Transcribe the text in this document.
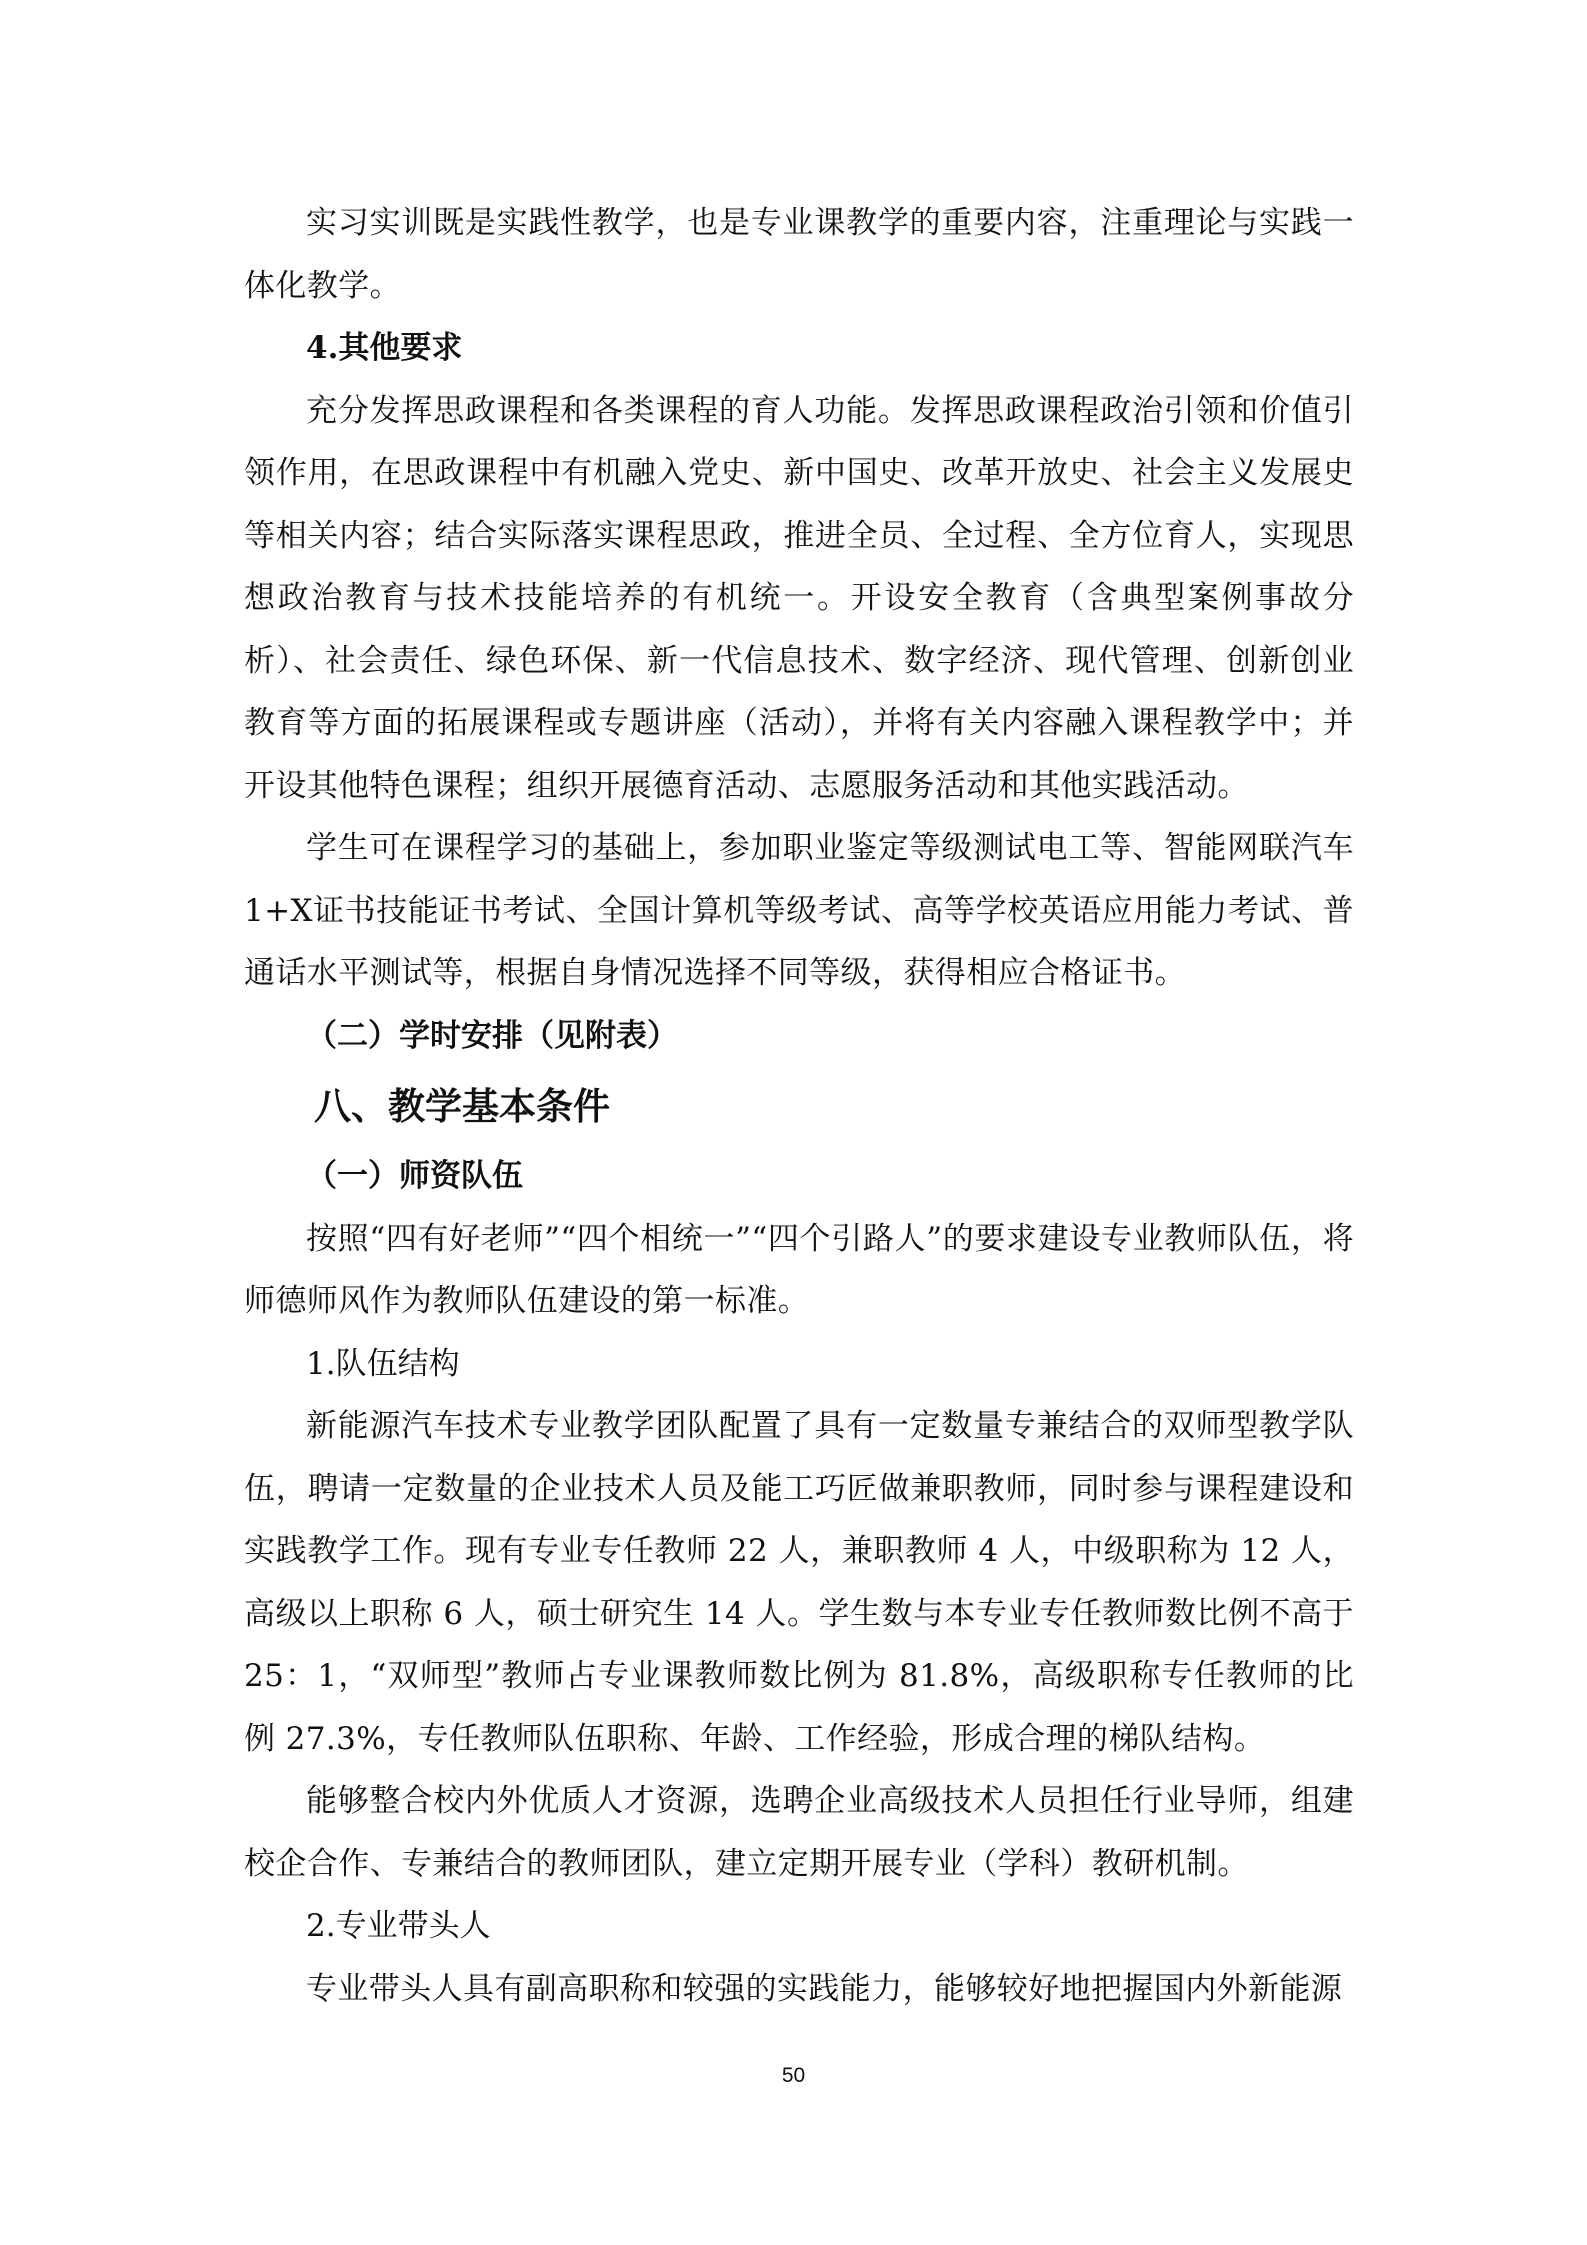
实习实训既是实践性教学，也是专业课教学的重要内容，注重理论与实践一体化教学。

4.其他要求

充分发挥思政课程和各类课程的育人功能。发挥思政课程政治引领和价值引领作用，在思政课程中有机融入党史、新中国史、改革开放史、社会主义发展史等相关内容；结合实际落实课程思政，推进全员、全过程、全方位育人，实现思想政治教育与技术技能培养的有机统一。开设安全教育（含典型案例事故分析）、社会责任、绿色环保、新一代信息技术、数字经济、现代管理、创新创业教育等方面的拓展课程或专题讲座（活动），并将有关内容融入课程教学中；并开设其他特色课程；组织开展德育活动、志愿服务活动和其他实践活动。

学生可在课程学习的基础上，参加职业鉴定等级测试电工等、智能网联汽车1+X证书技能证书考试、全国计算机等级考试、高等学校英语应用能力考试、普通话水平测试等，根据自身情况选择不同等级，获得相应合格证书。

（二）学时安排（见附表）

八、教学基本条件

（一）师资队伍

按照“四有好老师”“四个相统一”“四个引路人”的要求建设专业教师队伍，将师德师风作为教师队伍建设的第一标准。

1.队伍结构

新能源汽车技术专业教学团队配置了具有一定数量专兼结合的双师型教学队伍，聘请一定数量的企业技术人员及能工巧匠做兼职教师，同时参与课程建设和实践教学工作。现有专业专任教师 22 人，兼职教师 4 人，中级职称为 12 人，高级以上职称 6 人，硕士研究生 14 人。学生数与本专业专任教师数比例不高于25：1，“双师型”教师占专业课教师数比例为 81.8%，高级职称专任教师的比例 27.3%，专任教师队伍职称、年龄、工作经验，形成合理的梯队结构。

能够整合校内外优质人才资源，选聘企业高级技术人员担任行业导师，组建校企合作、专兼结合的教师团队，建立定期开展专业（学科）教研机制。

2.专业带头人

专业带头人具有副高职称和较强的实践能力，能够较好地把握国内外新能源

50
